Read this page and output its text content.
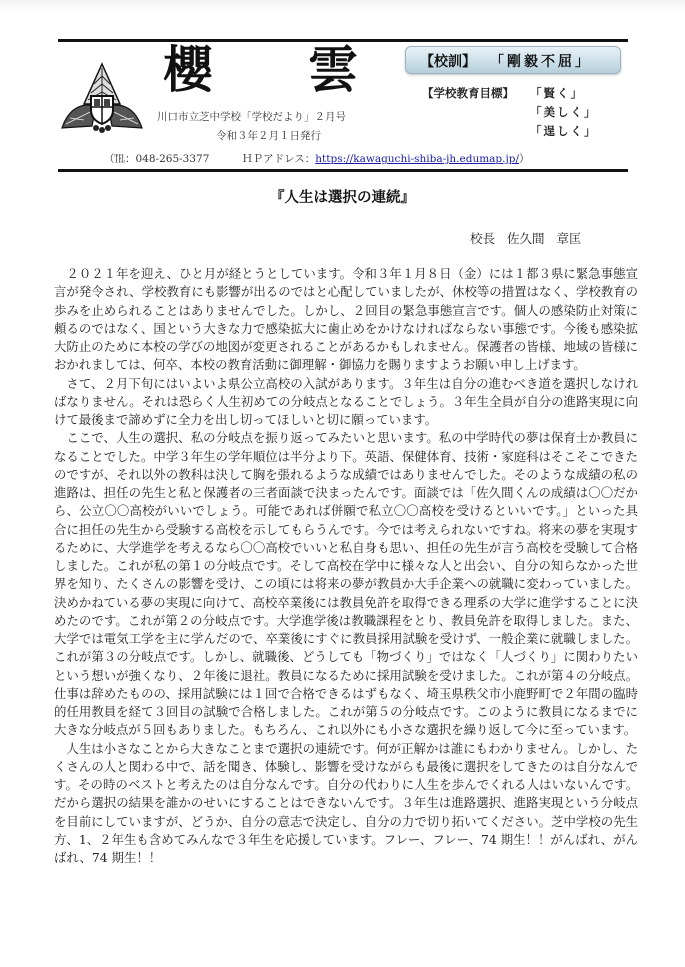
櫻 雲
川口市立芝中学校「学校だより」２月号
令和３年２月１日発行
（℡：048-265-3377	ＨＰアドレス：https://kawaguchi-shiba-jh.edumap.jp/）
【校訓】 「剛毅不屈」
【学校教育目標】 「賢く」
「美しく」
「逞しく」
『人生は選択の連続』
校長 佐久間 章匡

２０２１年を迎え、ひと月が経とうとしています。令和３年１月８日（金）には１都３県に緊急事態宣言が発令され、学校教育にも影響が出るのではと心配していましたが、休校等の措置はなく、学校教育の歩みを止められることはありませんでした。しかし、２回目の緊急事態宣言です。個人の感染防止対策に頼るのではなく、国という大きな力で感染拡大に歯止めをかけなければならない事態です。今後も感染拡大防止のために本校の学びの地図が変更されることがあるかもしれません。保護者の皆様、地域の皆様におかれましては、何卒、本校の教育活動に御理解・御協力を賜りますようお願い申し上げます。

さて、２月下旬にはいよいよ県公立高校の入試があります。３年生は自分の進むべき道を選択しなければなりません。それは恐らく人生初めての分岐点となることでしょう。３年生全員が自分の進路実現に向けて最後まで諦めずに全力を出し切ってほしいと切に願っています。

ここで、人生の選択、私の分岐点を振り返ってみたいと思います。私の中学時代の夢は保育士か教員になることでした。中学３年生の学年順位は半分より下。英語、保健体育、技術・家庭科はそこそこできたのですが、それ以外の教科は決して胸を張れるような成績ではありませんでした。そのような成績の私の進路は、担任の先生と私と保護者の三者面談で決まったんです。面談では「佐久間くんの成績は〇〇だから、公立〇〇高校がいいでしょう。可能であれば併願で私立〇〇高校を受けるといいです。」といった具合に担任の先生から受験する高校を示してもらうんです。今では考えられないですね。将来の夢を実現するために、大学進学を考えるなら〇〇高校でいいと私自身も思い、担任の先生が言う高校を受験して合格しました。これが私の第１の分岐点です。そして高校在学中に様々な人と出会い、自分の知らなかった世界を知り、たくさんの影響を受け、この頃には将来の夢が教員か大手企業への就職に変わっていました。決めかねている夢の実現に向けて、高校卒業後には教員免許を取得できる理系の大学に進学することに決めたのです。これが第２の分岐点です。大学進学後は教職課程をとり、教員免許を取得しました。また、大学では電気工学を主に学んだので、卒業後にすぐに教員採用試験を受けず、一般企業に就職しました。これが第３の分岐点です。しかし、就職後、どうしても「物づくり」ではなく「人づくり」に関わりたいという想いが強くなり、２年後に退社。教員になるために採用試験を受けました。これが第４の分岐点。仕事は辞めたものの、採用試験には１回で合格できるはずもなく、埼玉県秩父市小鹿野町で２年間の臨時的任用教員を経て３回目の試験で合格しました。これが第５の分岐点です。このように教員になるまでに大きな分岐点が５回もありました。もちろん、これ以外にも小さな選択を繰り返して今に至っています。

人生は小さなことから大きなことまで選択の連続です。何が正解かは誰にもわかりません。しかし、たくさんの人と関わる中で、話を聞き、体験し、影響を受けながらも最後に選択をしてきたのは自分なんです。その時のベストと考えたのは自分なんです。自分の代わりに人生を歩んでくれる人はいないんです。だから選択の結果を誰かのせいにすることはできないんです。３年生は進路選択、進路実現という分岐点を目前にしていますが、どうか、自分の意志で決定し、自分の力で切り拓いてください。芝中学校の先生方、1、２年生も含めてみんなで３年生を応援しています。フレー、フレー、74 期生！！がんばれ、がんばれ、74 期生！！
